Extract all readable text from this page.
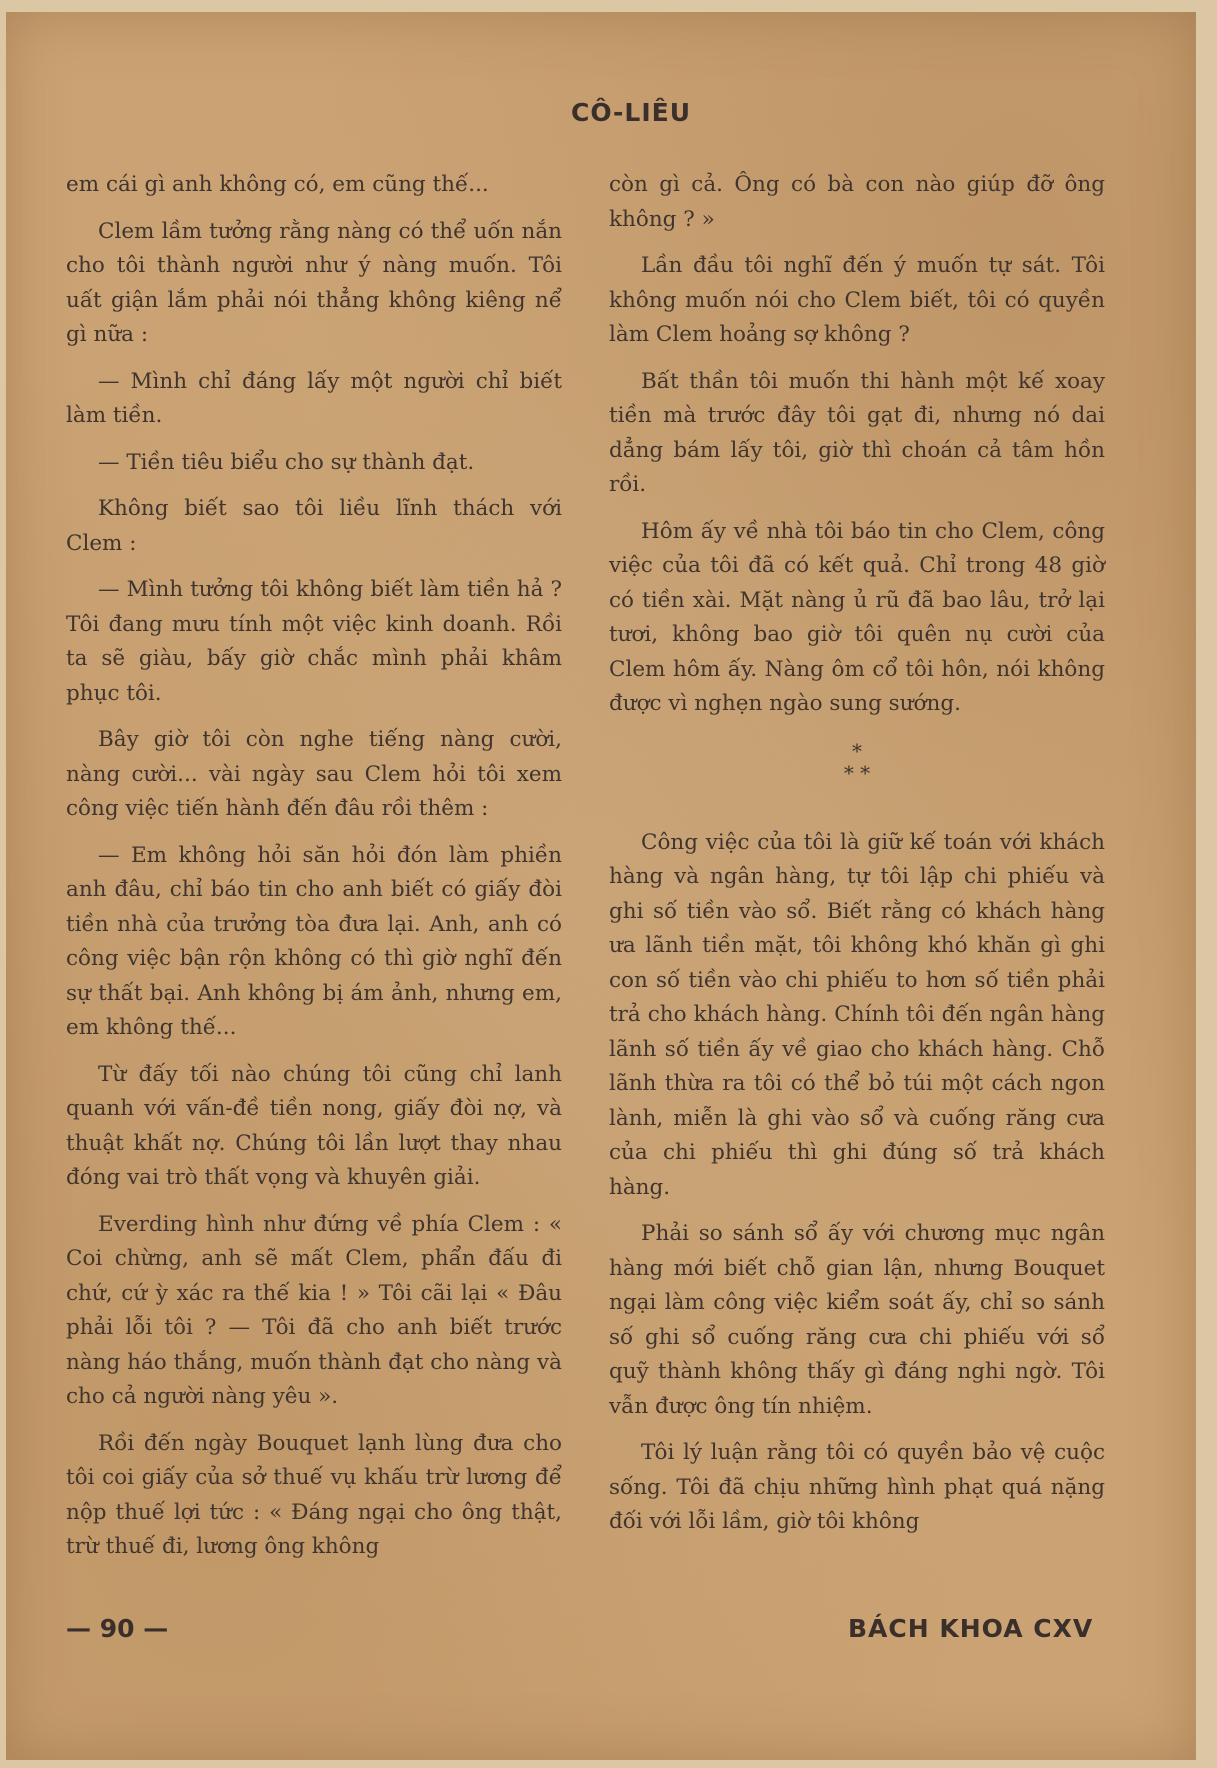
CÔ-LIÊU

em cái gì anh không có, em cũng thế...

Clem lầm tưởng rằng nàng có thể uốn nắn cho tôi thành người như ý nàng muốn. Tôi uất giận lắm phải nói thẳng không kiêng nể gì nữa :

— Mình chỉ đáng lấy một người chỉ biết làm tiền.

— Tiền tiêu biểu cho sự thành đạt.

Không biết sao tôi liều lĩnh thách với Clem :

— Mình tưởng tôi không biết làm tiền hả ? Tôi đang mưu tính một việc kinh doanh. Rồi ta sẽ giàu, bấy giờ chắc mình phải khâm phục tôi.

Bây giờ tôi còn nghe tiếng nàng cười, nàng cười... vài ngày sau Clem hỏi tôi xem công việc tiến hành đến đâu rồi thêm :

— Em không hỏi săn hỏi đón làm phiền anh đâu, chỉ báo tin cho anh biết có giấy đòi tiền nhà của trưởng tòa đưa lại. Anh, anh có công việc bận rộn không có thì giờ nghĩ đến sự thất bại. Anh không bị ám ảnh, nhưng em, em không thế...

Từ đấy tối nào chúng tôi cũng chỉ lanh quanh với vấn-đề tiền nong, giấy đòi nợ, và thuật khất nợ. Chúng tôi lần lượt thay nhau đóng vai trò thất vọng và khuyên giải.

Everding hình như đứng về phía Clem : « Coi chừng, anh sẽ mất Clem, phẩn đấu đi chứ, cứ ỳ xác ra thế kia ! » Tôi cãi lại « Đâu phải lỗi tôi ? — Tôi đã cho anh biết trước nàng háo thắng, muốn thành đạt cho nàng và cho cả người nàng yêu ».

Rồi đến ngày Bouquet lạnh lùng đưa cho tôi coi giấy của sở thuế vụ khấu trừ lương để nộp thuế lợi tức : « Đáng ngại cho ông thật, trừ thuế đi, lương ông không

còn gì cả. Ông có bà con nào giúp đỡ ông không ? »

Lần đầu tôi nghĩ đến ý muốn tự sát. Tôi không muốn nói cho Clem biết, tôi có quyền làm Clem hoảng sợ không ?

Bất thần tôi muốn thi hành một kế xoay tiền mà trước đây tôi gạt đi, nhưng nó dai dẳng bám lấy tôi, giờ thì choán cả tâm hồn rồi.

Hôm ấy về nhà tôi báo tin cho Clem, công việc của tôi đã có kết quả. Chỉ trong 48 giờ có tiền xài. Mặt nàng ủ rũ đã bao lâu, trở lại tươi, không bao giờ tôi quên nụ cười của Clem hôm ấy. Nàng ôm cổ tôi hôn, nói không được vì nghẹn ngào sung sướng.

*
* *

Công việc của tôi là giữ kế toán với khách hàng và ngân hàng, tự tôi lập chi phiếu và ghi số tiền vào sổ. Biết rằng có khách hàng ưa lãnh tiền mặt, tôi không khó khăn gì ghi con số tiền vào chi phiếu to hơn số tiền phải trả cho khách hàng. Chính tôi đến ngân hàng lãnh số tiền ấy về giao cho khách hàng. Chỗ lãnh thừa ra tôi có thể bỏ túi một cách ngon lành, miễn là ghi vào sổ và cuống răng cưa của chi phiếu thì ghi đúng số trả khách hàng.

Phải so sánh sổ ấy với chương mục ngân hàng mới biết chỗ gian lận, nhưng Bouquet ngại làm công việc kiểm soát ấy, chỉ so sánh số ghi sổ cuống răng cưa chi phiếu với sổ quỹ thành không thấy gì đáng nghi ngờ. Tôi vẫn được ông tín nhiệm.

Tôi lý luận rằng tôi có quyền bảo vệ cuộc sống. Tôi đã chịu những hình phạt quá nặng đối với lỗi lầm, giờ tôi không

— 90 —	BÁCH KHOA CXV
